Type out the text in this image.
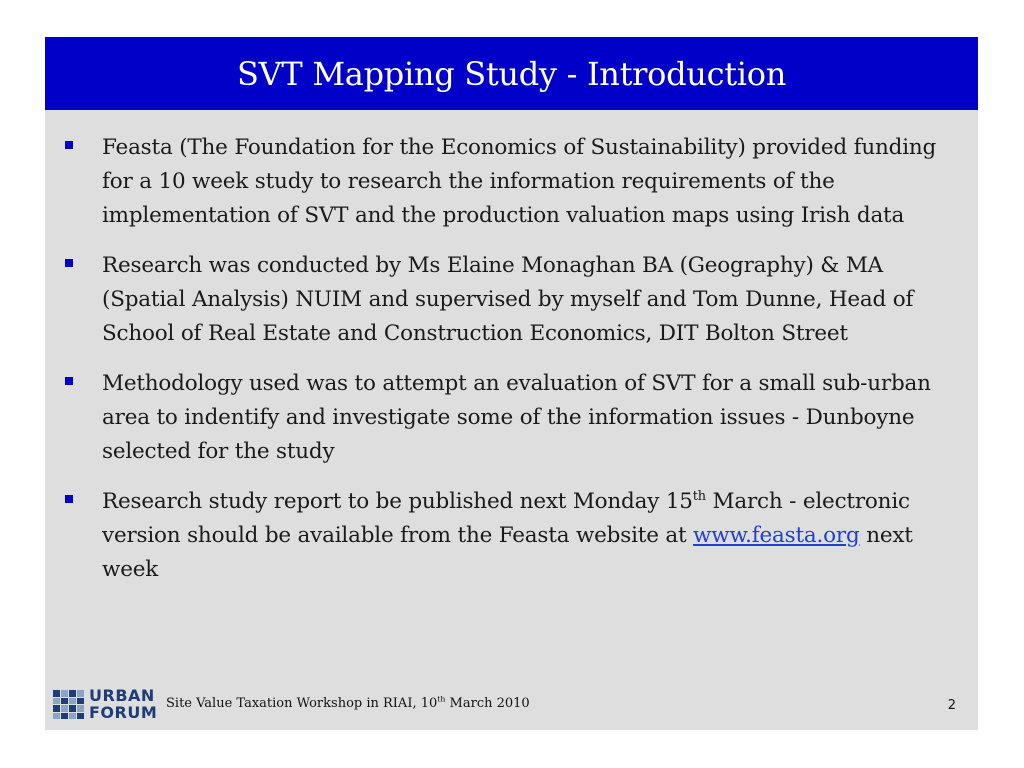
SVT Mapping Study - Introduction
Feasta (The Foundation for the Economics of Sustainability) provided funding for a 10 week study to research the information requirements of the implementation of SVT and the production valuation maps using Irish data
Research was conducted by Ms Elaine Monaghan BA (Geography) & MA (Spatial Analysis) NUIM and supervised by myself and Tom Dunne, Head of School of Real Estate and Construction Economics, DIT Bolton Street
Methodology used was to attempt an evaluation of SVT for a small sub-urban area to indentify and investigate some of the information issues - Dunboyne selected for the study
Research study report to be published next Monday 15th March - electronic version should be available from the Feasta website at www.feasta.org next week
URBAN
FORUM Site Value Taxation Workshop in RIAI, 10th March 2010	2
